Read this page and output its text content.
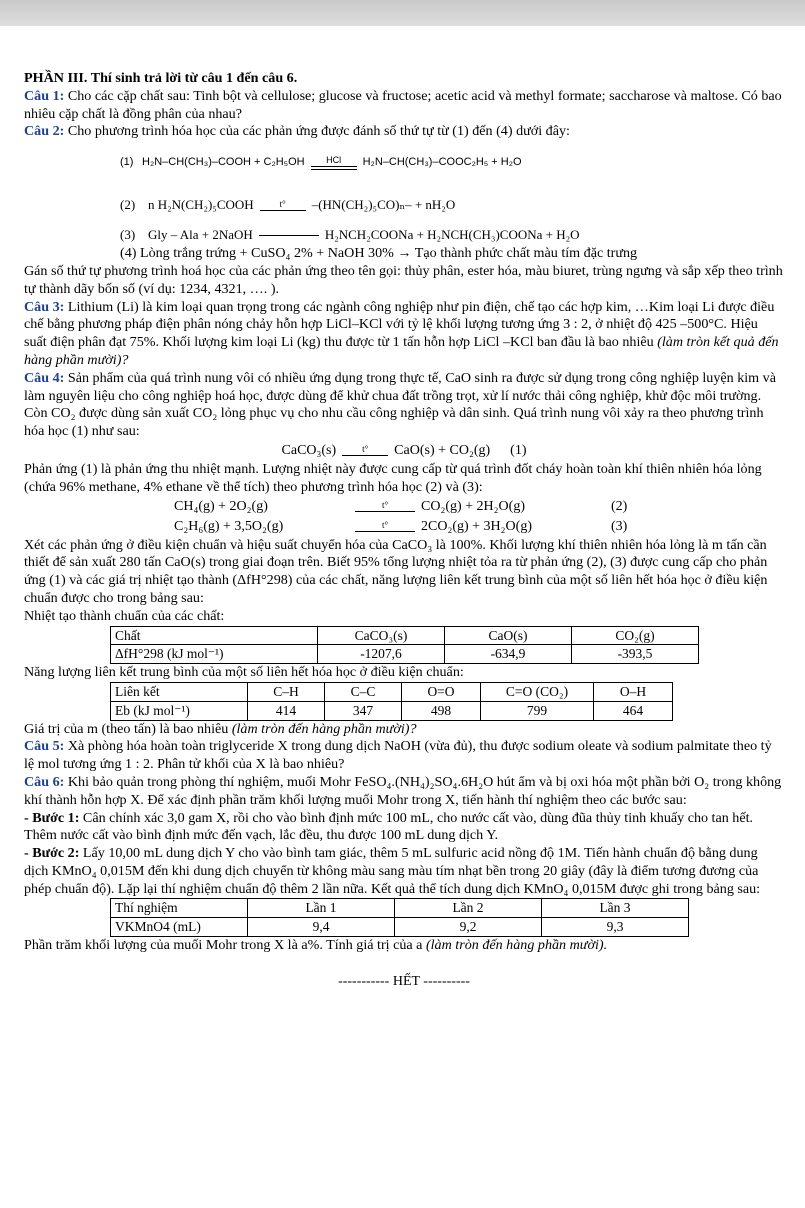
PHẦN III. Thí sinh trả lời từ câu 1 đến câu 6.

Câu 1: Cho các cặp chất sau: Tinh bột và cellulose; glucose và fructose; acetic acid và methyl formate; saccharose và maltose. Có bao nhiêu cặp chất là đồng phân của nhau?

Câu 2: Cho phương trình hóa học của các phản ứng được đánh số thứ tự từ (1) đến (4) dưới đây:

(1) H₂N–CH(CH₃)–COOH + C₂H₅OH	HCl	H₂N–CH(CH₃)–COOC₂H₅ + H₂O
(2) n H₂N(CH₂)₅COOH	t°	–(HN(CH₂)₅CO)ₙ– + nH₂O
(3) Gly – Ala + 2NaOH	H₂NCH₂COONa + H₂NCH(CH₃)COONa + H₂O

(4) Lòng trắng trứng + CuSO₄ 2% + NaOH 30% → Tạo thành phức chất màu tím đặc trưng

Gán số thứ tự phương trình hoá học của các phản ứng theo tên gọi: thủy phân, ester hóa, màu biuret, trùng ngưng và sắp xếp theo trình tự thành dãy bốn số (ví dụ: 1234, 4321, …. ).

Câu 3: Lithium (Li) là kim loại quan trọng trong các ngành công nghiệp như pin điện, chế tạo các hợp kim, …Kim loại Li được điều chế bằng phương pháp điện phân nóng chảy hỗn hợp LiCl–KCl với tỷ lệ khối lượng tương ứng 3 : 2, ở nhiệt độ 425 –500°C. Hiệu suất điện phân đạt 75%. Khối lượng kim loại Li (kg) thu được từ 1 tấn hỗn hợp LiCl –KCl ban đầu là bao nhiêu (làm tròn kết quả đến hàng phần mười)?

Câu 4: Sản phẩm của quá trình nung vôi có nhiều ứng dụng trong thực tế, CaO sinh ra được sử dụng trong công nghiệp luyện kim và làm nguyên liệu cho công nghiệp hoá học, được dùng để khử chua đất trồng trọt, xử lí nước thải công nghiệp, khử độc môi trường. Còn CO₂ được dùng sản xuất CO₂ lỏng phục vụ cho nhu cầu công nghiệp và dân sinh. Quá trình nung vôi xảy ra theo phương trình hóa học (1) như sau:

CaCO₃(s)	t°	CaO(s) + CO₂(g) (1)

Phản ứng (1) là phản ứng thu nhiệt mạnh. Lượng nhiệt này được cung cấp từ quá trình đốt cháy hoàn toàn khí thiên nhiên hóa lỏng (chứa 96% methane, 4% ethane về thể tích) theo phương trình hóa học (2) và (3):

CH₄(g) + 2O₂(g)	t°	CO₂(g) + 2H₂O(g)	(2)
C₂H₆(g) + 3,5O₂(g)	t°	2CO₂(g) + 3H₂O(g)	(3)

Xét các phản ứng ở điều kiện chuẩn và hiệu suất chuyển hóa của CaCO₃ là 100%. Khối lượng khí thiên nhiên hóa lỏng là m tấn cần thiết để sản xuất 280 tấn CaO(s) trong giai đoạn trên. Biết 95% tổng lượng nhiệt tỏa ra từ phản ứng (2), (3) được cung cấp cho phản ứng (1) và các giá trị nhiệt tạo thành (ΔfH°298) của các chất, năng lượng liên kết trung bình của một số liên hết hóa học ở điều kiện chuẩn được cho trong bảng sau:

Nhiệt tạo thành chuẩn của các chất:

Chất	CaCO₃(s)	CaO(s)	CO₂(g)
ΔfH°298 (kJ mol⁻¹)	-1207,6	-634,9	-393,5

Năng lượng liên kết trung bình của một số liên hết hóa học ở điều kiện chuẩn:

Liên kết	C–H	C–C	O=O	C=O (CO₂)	O–H
Eb (kJ mol⁻¹)	414	347	498	799	464

Giá trị của m (theo tấn) là bao nhiêu (làm tròn đến hàng phần mười)?

Câu 5: Xà phòng hóa hoàn toàn triglyceride X trong dung dịch NaOH (vừa đủ), thu được sodium oleate và sodium palmitate theo tỷ lệ mol tương ứng 1 : 2. Phân tử khối của X là bao nhiêu?

Câu 6: Khi bảo quản trong phòng thí nghiệm, muối Mohr FeSO₄.(NH₄)₂SO₄.6H₂O hút ẩm và bị oxi hóa một phần bởi O₂ trong không khí thành hỗn hợp X. Để xác định phần trăm khối lượng muối Mohr trong X, tiến hành thí nghiệm theo các bước sau:

- Bước 1: Cân chính xác 3,0 gam X, rồi cho vào bình định mức 100 mL, cho nước cất vào, dùng đũa thủy tinh khuấy cho tan hết. Thêm nước cất vào bình định mức đến vạch, lắc đều, thu được 100 mL dung dịch Y.

- Bước 2: Lấy 10,00 mL dung dịch Y cho vào bình tam giác, thêm 5 mL sulfuric acid nồng độ 1M. Tiến hành chuẩn độ bằng dung dịch KMnO₄ 0,015M đến khi dung dịch chuyển từ không màu sang màu tím nhạt bền trong 20 giây (đây là điểm tương đương của phép chuẩn độ). Lặp lại thí nghiệm chuẩn độ thêm 2 lần nữa. Kết quả thể tích dung dịch KMnO₄ 0,015M được ghi trong bảng sau:

Thí nghiệm	Lần 1	Lần 2	Lần 3
VKMnO4 (mL)	9,4	9,2	9,3

Phần trăm khối lượng của muối Mohr trong X là a%. Tính giá trị của a (làm tròn đến hàng phần mười).

----------- HẾT ----------
